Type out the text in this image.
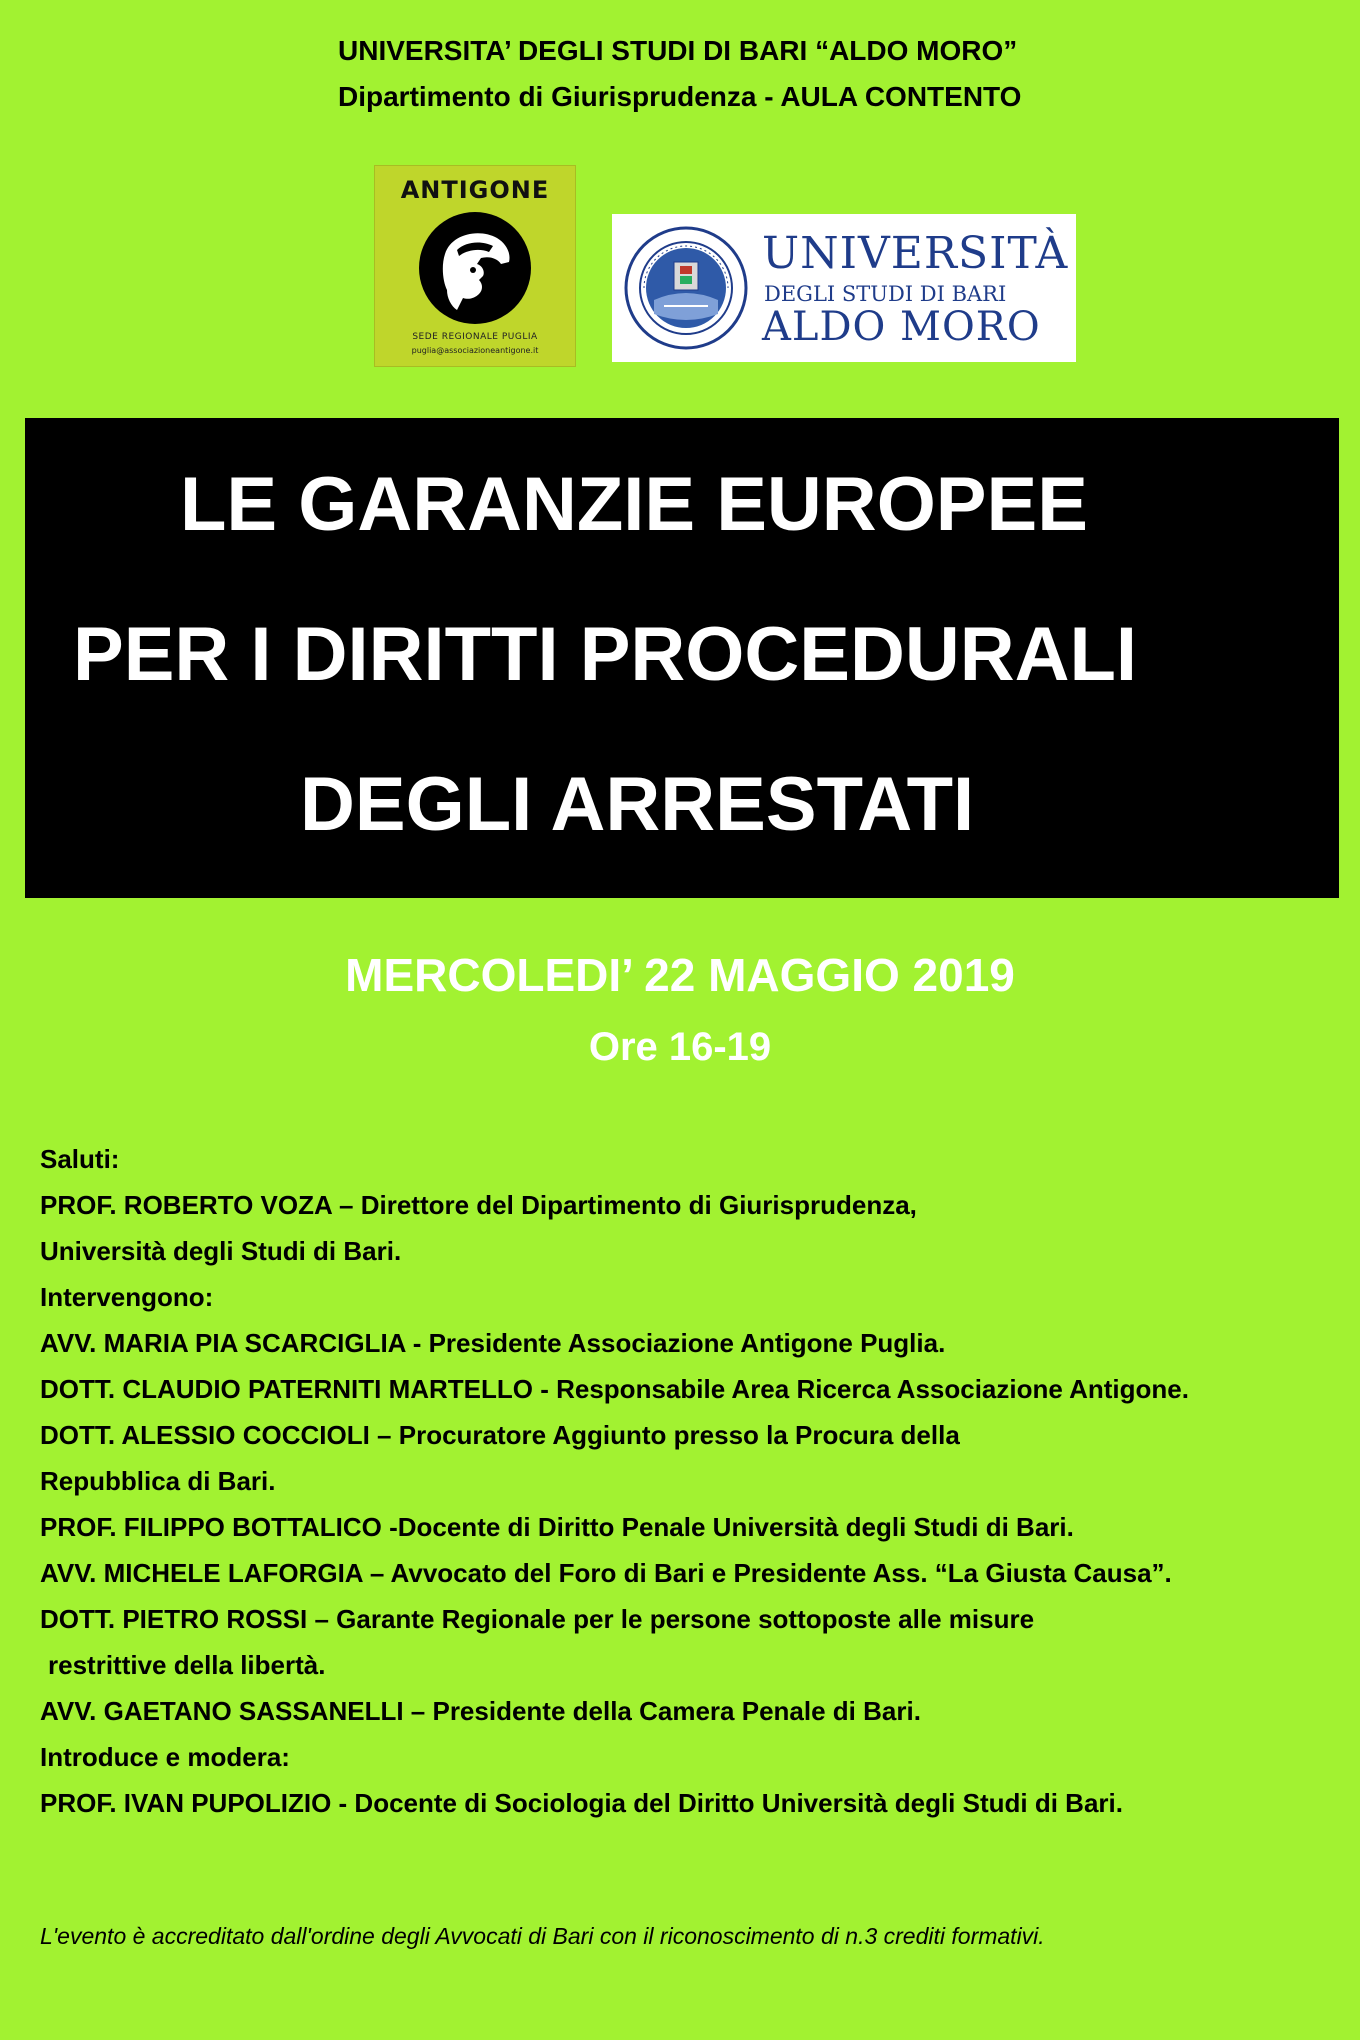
UNIVERSITA’ DEGLI STUDI DI BARI “ALDO MORO”
Dipartimento di Giurisprudenza - AULA CONTENTO
ANTIGONE
SEDE REGIONALE PUGLIA
puglia@associazioneantigone.it
UNIVERSITÀ
DEGLI STUDI DI BARI
ALDO MORO
LE GARANZIE EUROPEE
PER I DIRITTI PROCEDURALI
DEGLI ARRESTATI
MERCOLEDI’ 22 MAGGIO 2019
Ore 16-19
Saluti:
PROF. ROBERTO VOZA – Direttore del Dipartimento di Giurisprudenza,
Università degli Studi di Bari.
Intervengono:
AVV. MARIA PIA SCARCIGLIA - Presidente Associazione Antigone Puglia.
DOTT. CLAUDIO PATERNITI MARTELLO - Responsabile Area Ricerca Associazione Antigone.
DOTT. ALESSIO COCCIOLI – Procuratore Aggiunto presso la Procura della
Repubblica di Bari.
PROF. FILIPPO BOTTALICO -Docente di Diritto Penale Università degli Studi di Bari.
AVV. MICHELE LAFORGIA – Avvocato del Foro di Bari e Presidente Ass. “La Giusta Causa”.
DOTT. PIETRO ROSSI – Garante Regionale per le persone sottoposte alle misure
restrittive della libertà.
AVV. GAETANO SASSANELLI – Presidente della Camera Penale di Bari.
Introduce e modera:
PROF. IVAN PUPOLIZIO - Docente di Sociologia del Diritto Università degli Studi di Bari.
L'evento è accreditato dall'ordine degli Avvocati di Bari con il riconoscimento di n.3 crediti formativi.
